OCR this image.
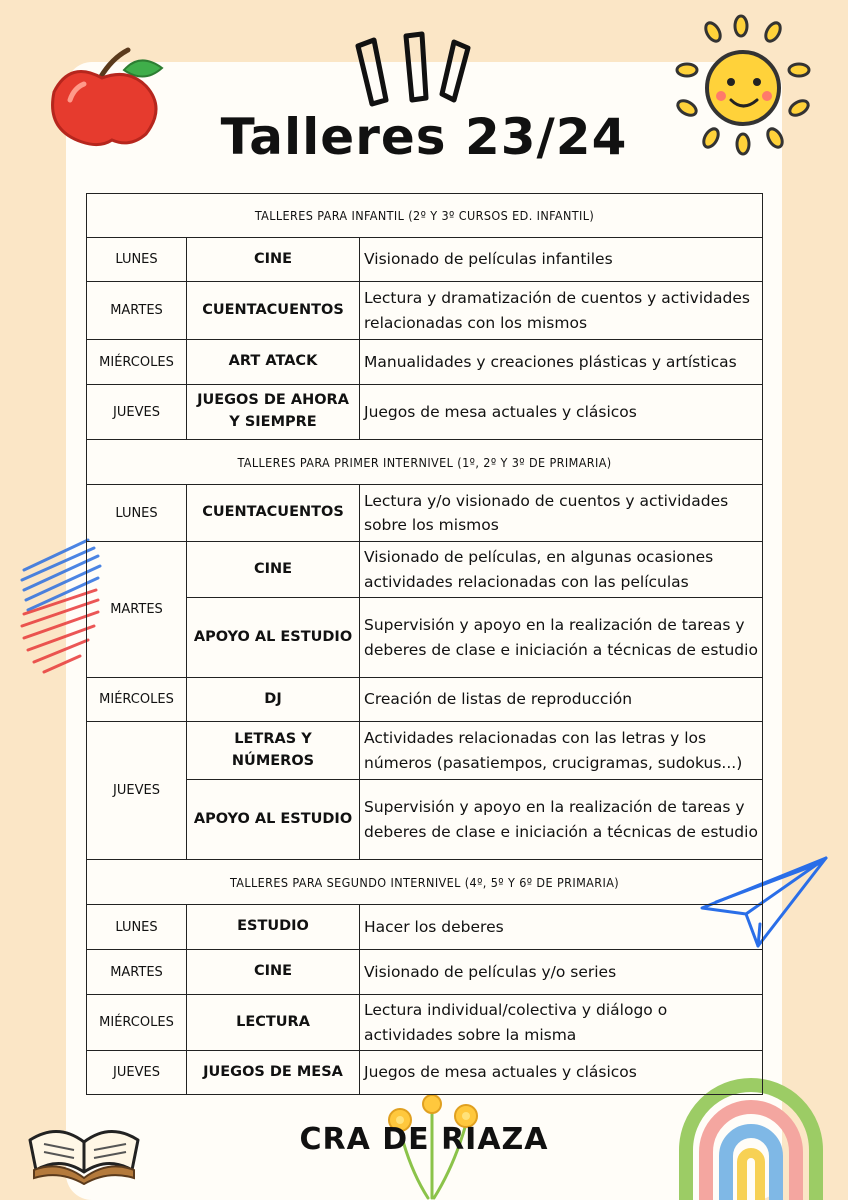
Talleres 23/24
TALLERES PARA INFANTIL (2º Y 3º CURSOS ED. INFANTIL)		
LUNES	CINE	Visionado de películas infantiles
MARTES	CUENTACUENTOS	Lectura y dramatización de cuentos y actividades relacionadas con los mismos
MIÉRCOLES	ART ATACK	Manualidades y creaciones plásticas y artísticas
JUEVES	JUEGOS DE AHORA Y SIEMPRE	Juegos de mesa actuales y clásicos
TALLERES PARA PRIMER INTERNIVEL (1º, 2º Y 3º DE PRIMARIA)		
LUNES	CUENTACUENTOS	Lectura y/o visionado de cuentos y actividades sobre los mismos
MARTES	CINE	Visionado de películas, en algunas ocasiones actividades relacionadas con las películas
	APOYO AL ESTUDIO	Supervisión y apoyo en la realización de tareas y deberes de clase e iniciación a técnicas de estudio
MIÉRCOLES	DJ	Creación de listas de reproducción
JUEVES	LETRAS Y NÚMEROS	Actividades relacionadas con las letras y los números (pasatiempos, crucigramas, sudokus...)
	APOYO AL ESTUDIO	Supervisión y apoyo en la realización de tareas y deberes de clase e iniciación a técnicas de estudio
TALLERES PARA SEGUNDO INTERNIVEL (4º, 5º Y 6º DE PRIMARIA)		
LUNES	ESTUDIO	Hacer los deberes
MARTES	CINE	Visionado de películas y/o series
MIÉRCOLES	LECTURA	Lectura individual/colectiva y diálogo o actividades sobre la misma
JUEVES	JUEGOS DE MESA	Juegos de mesa actuales y clásicos
CRA DE RIAZA
